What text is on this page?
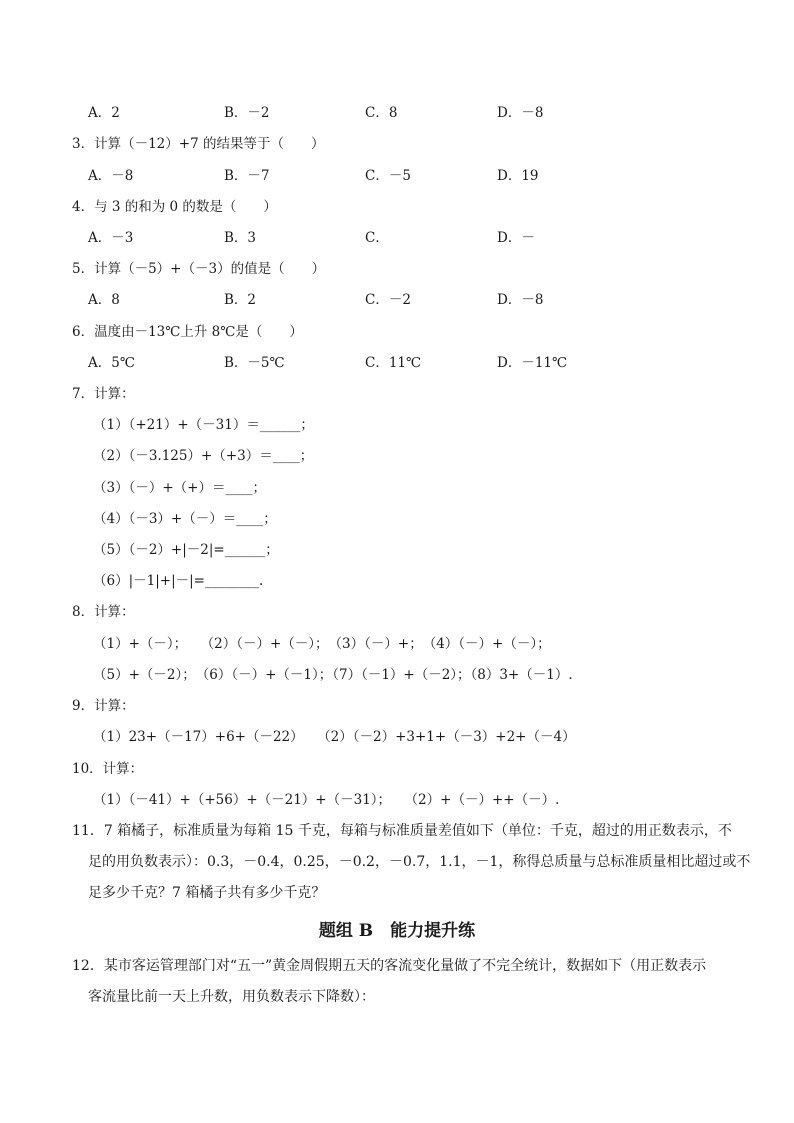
A．2	B．－2	C．8	D．－8
3．计算（－12）+7 的结果等于（　　）
A．－8	B．－7	C．－5	D．19
4．与 3 的和为 0 的数是（　　）
A．－3	B．3	C．	D．－
5．计算（－5）+（－3）的值是（　　）
A．8	B．2	C．－2	D．－8
6．温度由－13℃上升 8℃是（　　）
A．5℃	B．－5℃	C．11℃	D．－11℃
7．计算：
（1）（+21）+（－31）＝______；
（2）（－3.125）+（+3）＝____；
（3）（－）+（+）＝____；
（4）（－3）+（－）＝____；
（5）（－2）+|－2|=______；
（6）|－1|+|－|=________.
8．计算：
（1）+（－）；　　（2）（－）+（－）；　（3）（－）+；　（4）（－）+（－）；
（5）+（－2）；　（6）（－）+（－1）；（7）（－1）+（－2）；（8）3+（－1）.
9．计算：
（1）23+（－17）+6+（－22）　　（2）（－2）+3+1+（－3）+2+（－4）
10．计算：
（1）（－41）+（+56）+（－21）+（－31）；　　（2）+（－）++（－）.
11．7 箱橘子，标准质量为每箱 15 千克，每箱与标准质量差值如下（单位：千克，超过的用正数表示，不
足的用负数表示）：0.3，－0.4，0.25，－0.2，－0.7，1.1，－1，称得总质量与总标准质量相比超过或不
足多少千克？7 箱橘子共有多少千克？
题组 B　能力提升练
12．某市客运管理部门对“五一”黄金周假期五天的客流变化量做了不完全统计，数据如下（用正数表示
客流量比前一天上升数，用负数表示下降数）：
